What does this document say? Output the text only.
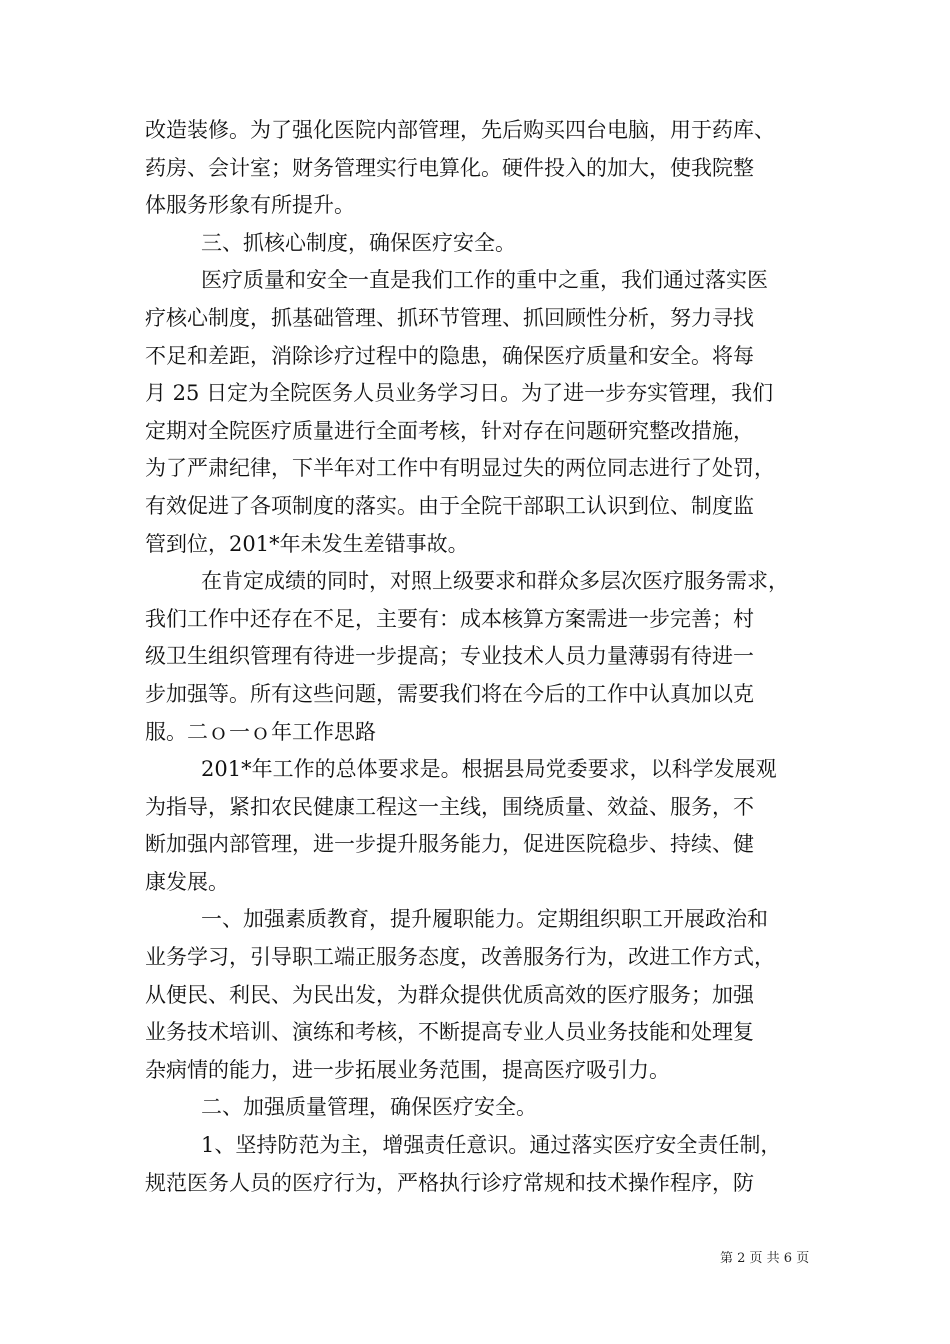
改造装修。为了强化医院内部管理，先后购买四台电脑，用于药库、
药房、会计室；财务管理实行电算化。硬件投入的加大，使我院整
体服务形象有所提升。
三、抓核心制度，确保医疗安全。
医疗质量和安全一直是我们工作的重中之重，我们通过落实医
疗核心制度，抓基础管理、抓环节管理、抓回顾性分析，努力寻找
不足和差距，消除诊疗过程中的隐患，确保医疗质量和安全。将每
月 25 日定为全院医务人员业务学习日。为了进一步夯实管理，我们
定期对全院医疗质量进行全面考核，针对存在问题研究整改措施，
为了严肃纪律，下半年对工作中有明显过失的两位同志进行了处罚，
有效促进了各项制度的落实。由于全院干部职工认识到位、制度监
管到位，201*年未发生差错事故。
在肯定成绩的同时，对照上级要求和群众多层次医疗服务需求，
我们工作中还存在不足，主要有：成本核算方案需进一步完善；村
级卫生组织管理有待进一步提高；专业技术人员力量薄弱有待进一
步加强等。所有这些问题，需要我们将在今后的工作中认真加以克
服。二ｏ一ｏ年工作思路
201*年工作的总体要求是。根据县局党委要求，以科学发展观
为指导，紧扣农民健康工程这一主线，围绕质量、效益、服务，不
断加强内部管理，进一步提升服务能力，促进医院稳步、持续、健
康发展。
一、加强素质教育，提升履职能力。定期组织职工开展政治和
业务学习，引导职工端正服务态度，改善服务行为，改进工作方式，
从便民、利民、为民出发，为群众提供优质高效的医疗服务；加强
业务技术培训、演练和考核，不断提高专业人员业务技能和处理复
杂病情的能力，进一步拓展业务范围，提高医疗吸引力。
二、加强质量管理，确保医疗安全。
1、坚持防范为主，增强责任意识。通过落实医疗安全责任制，
规范医务人员的医疗行为，严格执行诊疗常规和技术操作程序，防
第 2 页 共 6 页
